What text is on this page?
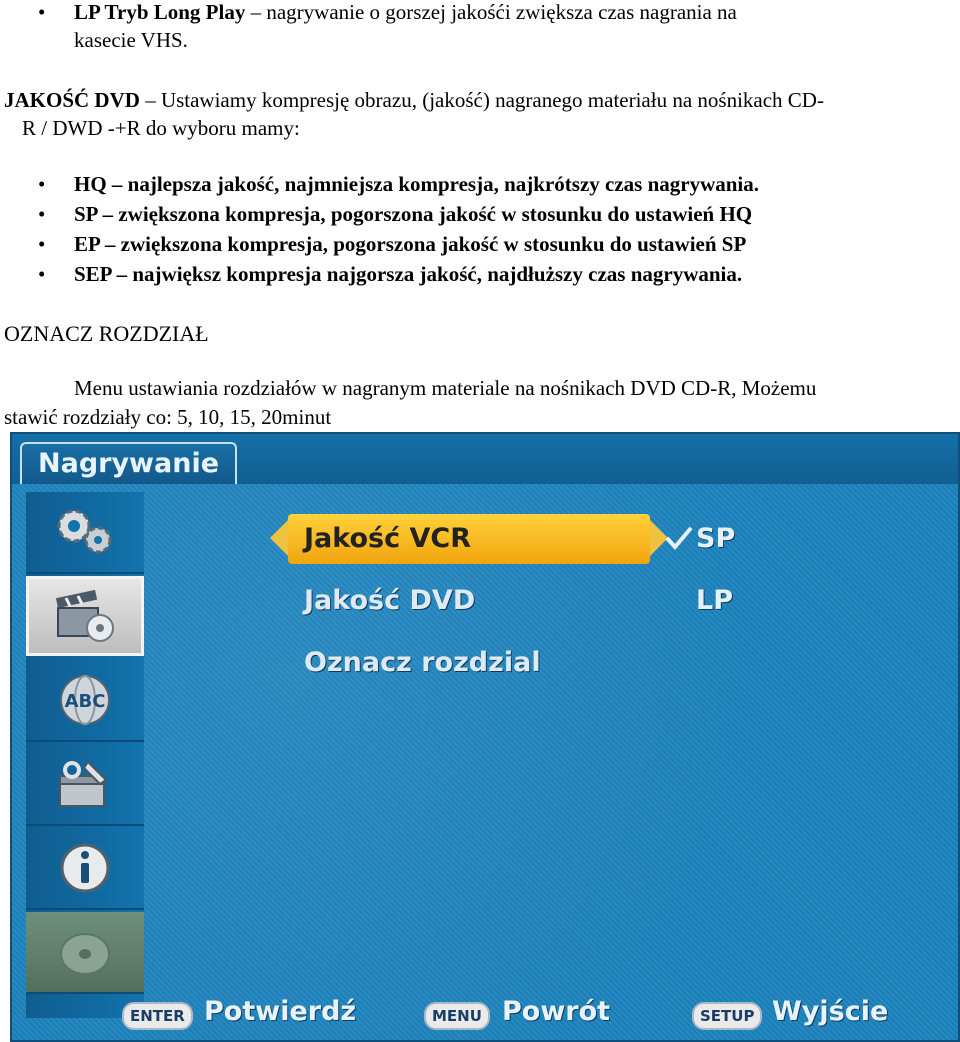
• LP Tryb Long Play – nagrywanie o gorszej jakośći zwiększa czas nagrania na
kasecie VHS.
JAKOŚĆ DVD – Ustawiamy kompresję obrazu, (jakość) nagranego materiału na nośnikach CD-
R / DWD -+R do wyboru mamy:
• HQ – najlepsza jakość, najmniejsza kompresja, najkrótszy czas nagrywania.
• SP – zwiększona kompresja, pogorszona jakość w stosunku do ustawień HQ
• EP – zwiększona kompresja, pogorszona jakość w stosunku do ustawień SP
• SEP – największ kompresja najgorsza jakość, najdłuższy czas nagrywania.
OZNACZ ROZDZIAŁ
Menu ustawiania rozdziałów w nagranym materiale na nośnikach DVD CD-R, Możemu
stawić rozdziały co: 5, 10, 15, 20minut
Nagrywanie
ABC
Jakość VCR	SP
Jakość DVD	LP
Oznacz rozdzial
ENTER Potwierdź	MENU Powrót	SETUP Wyjście
